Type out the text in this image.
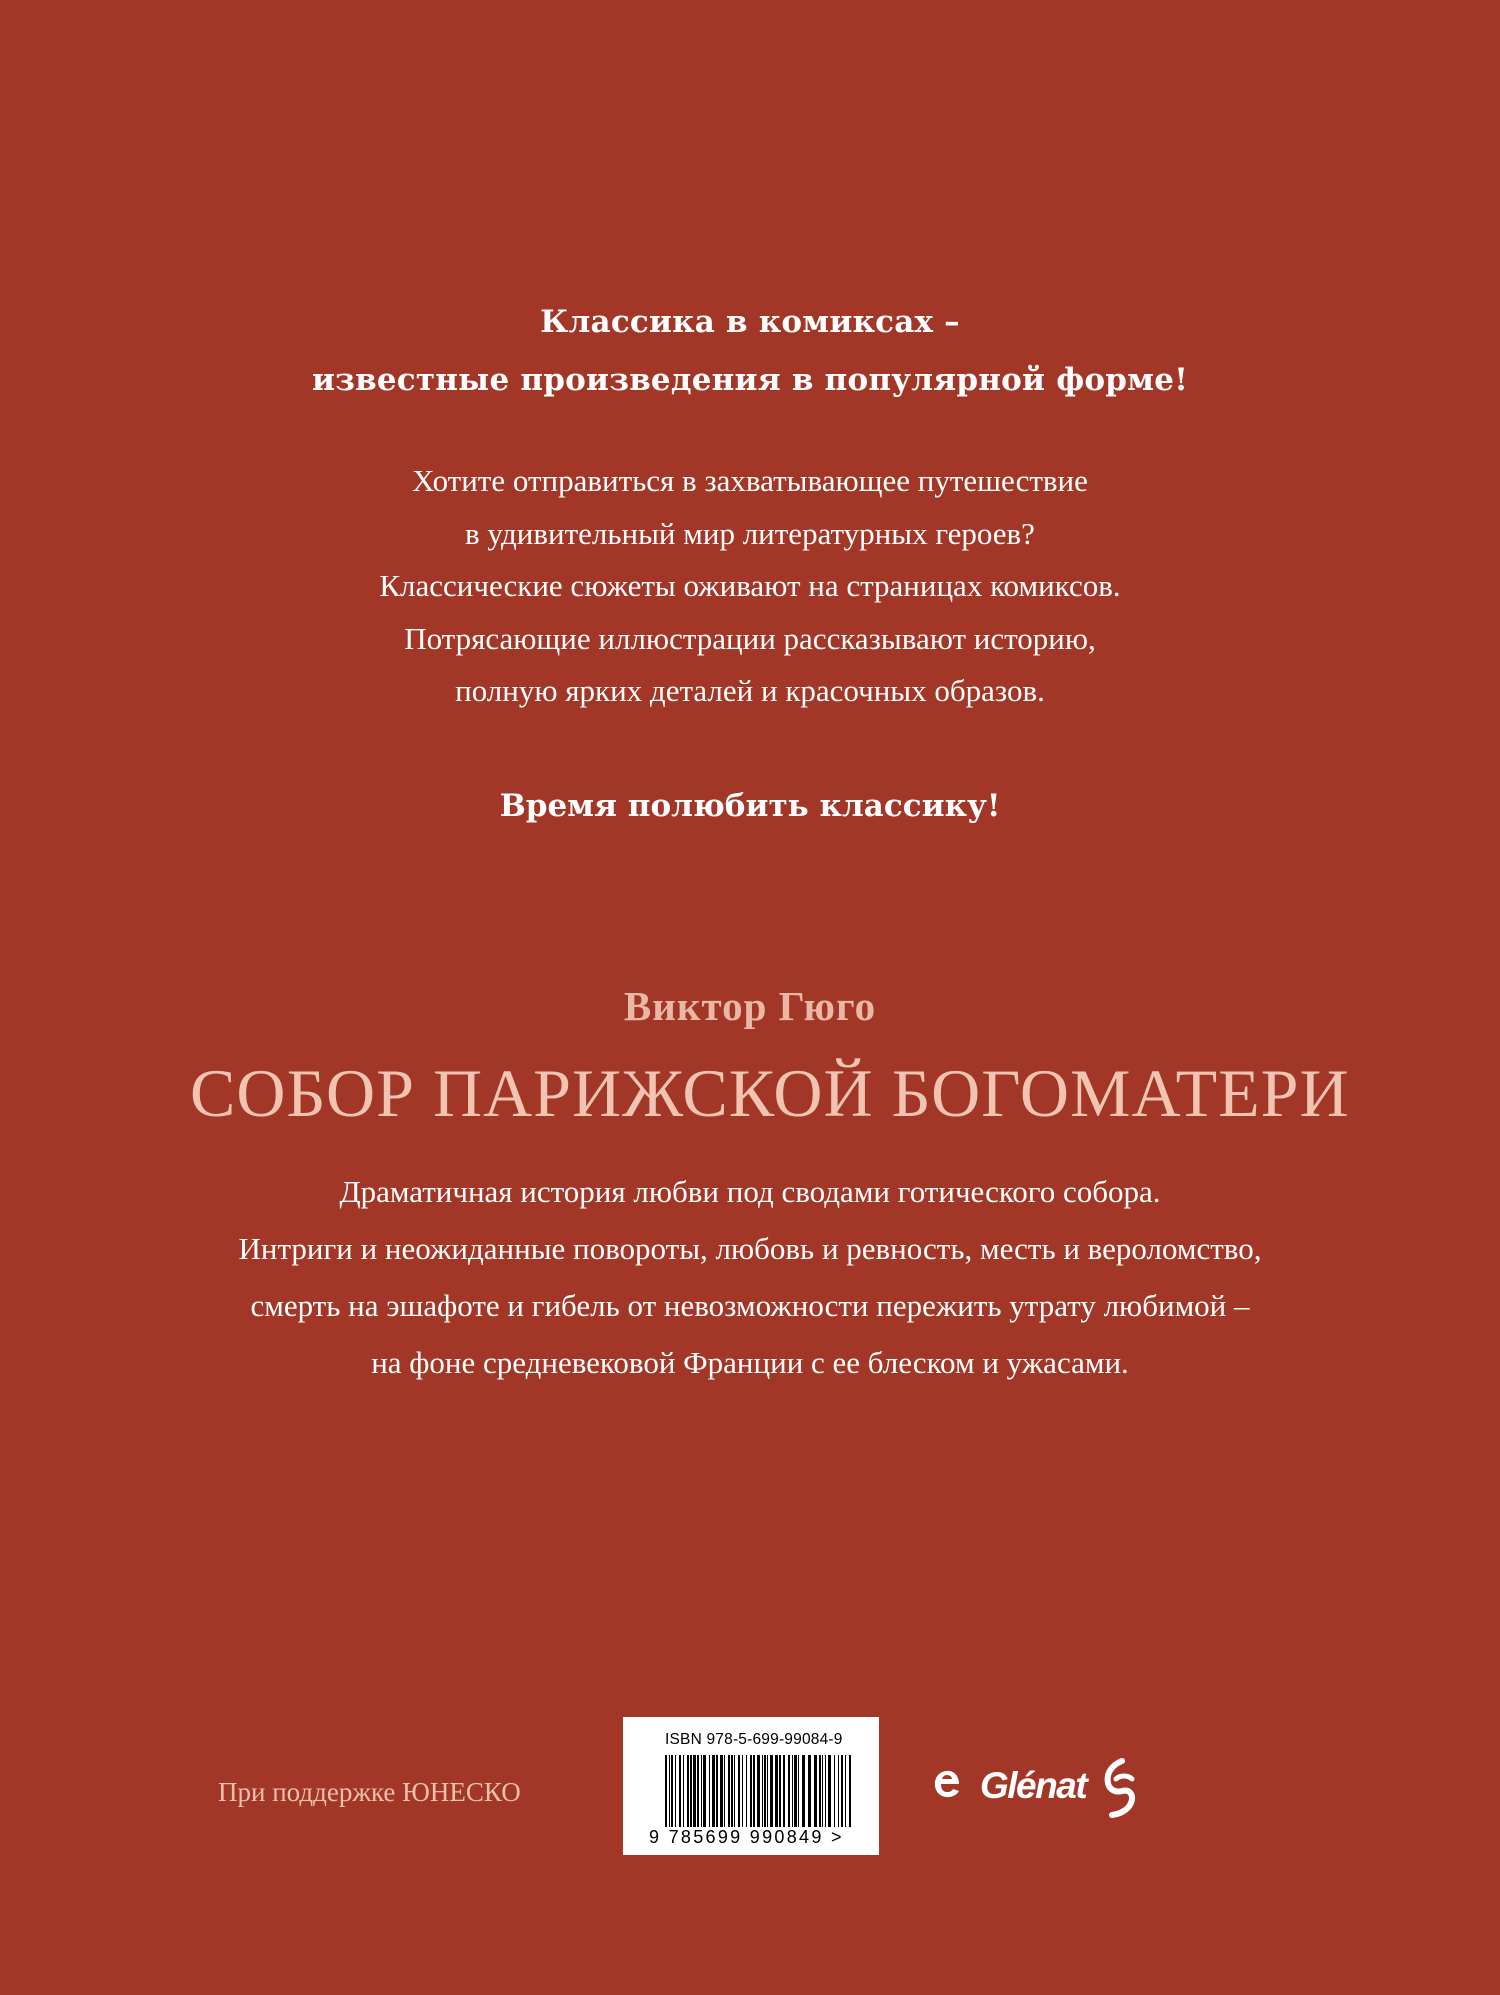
Классика в комиксах –
известные произведения в популярной форме!
Хотите отправиться в захватывающее путешествие
в удивительный мир литературных героев?
Классические сюжеты оживают на страницах комиксов.
Потрясающие иллюстрации рассказывают историю,
полную ярких деталей и красочных образов.
Время полюбить классику!
Виктор Гюго
СОБОР ПАРИЖСКОЙ БОГОМАТЕРИ
Драматичная история любви под сводами готического собора.
Интриги и неожиданные повороты, любовь и ревность, месть и вероломство,
смерть на эшафоте и гибель от невозможности пережить утрату любимой –
на фоне средневековой Франции с ее блеском и ужасами.
При поддержке ЮНЕСКО
ISBN 978-5-699-99084-9
9 785699 990849 >
Glénat
